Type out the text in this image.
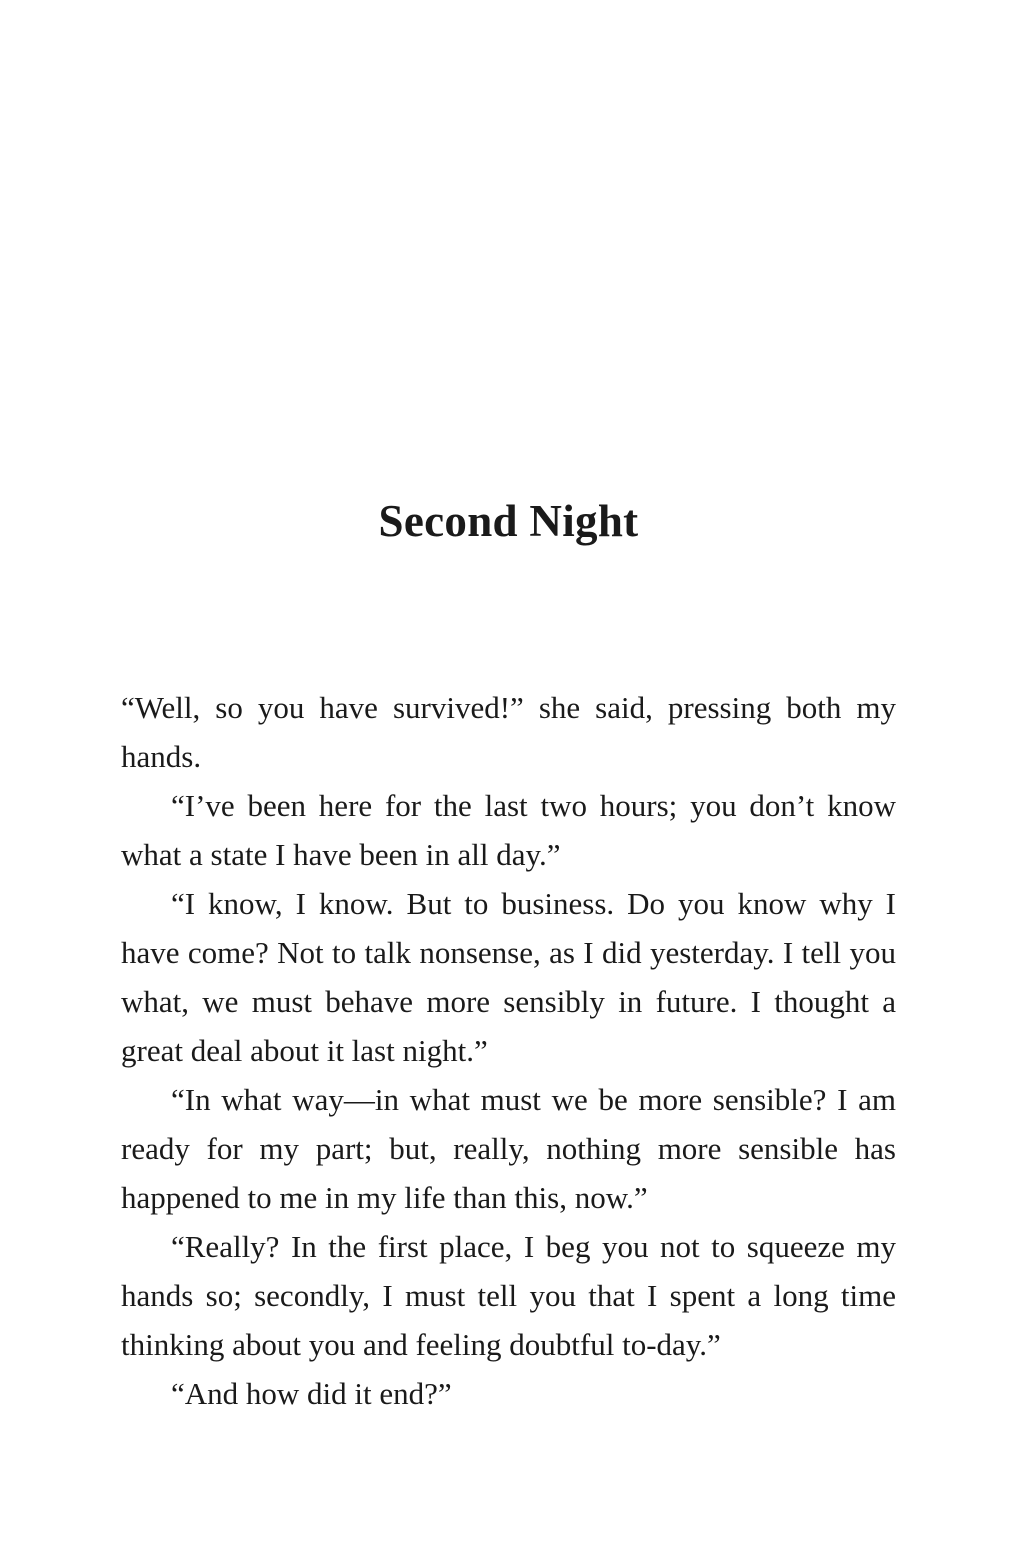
Second Night

“Well, so you have survived!” she said, pressing both my hands.

“I’ve been here for the last two hours; you don’t know what a state I have been in all day.”

“I know, I know. But to business. Do you know why I have come? Not to talk nonsense, as I did yesterday. I tell you what, we must behave more sensibly in future. I thought a great deal about it last night.”

“In what way—in what must we be more sensible? I am ready for my part; but, really, nothing more sensible has happened to me in my life than this, now.”

“Really? In the first place, I beg you not to squeeze my hands so; secondly, I must tell you that I spent a long time thinking about you and feeling doubtful to-day.”

“And how did it end?”
